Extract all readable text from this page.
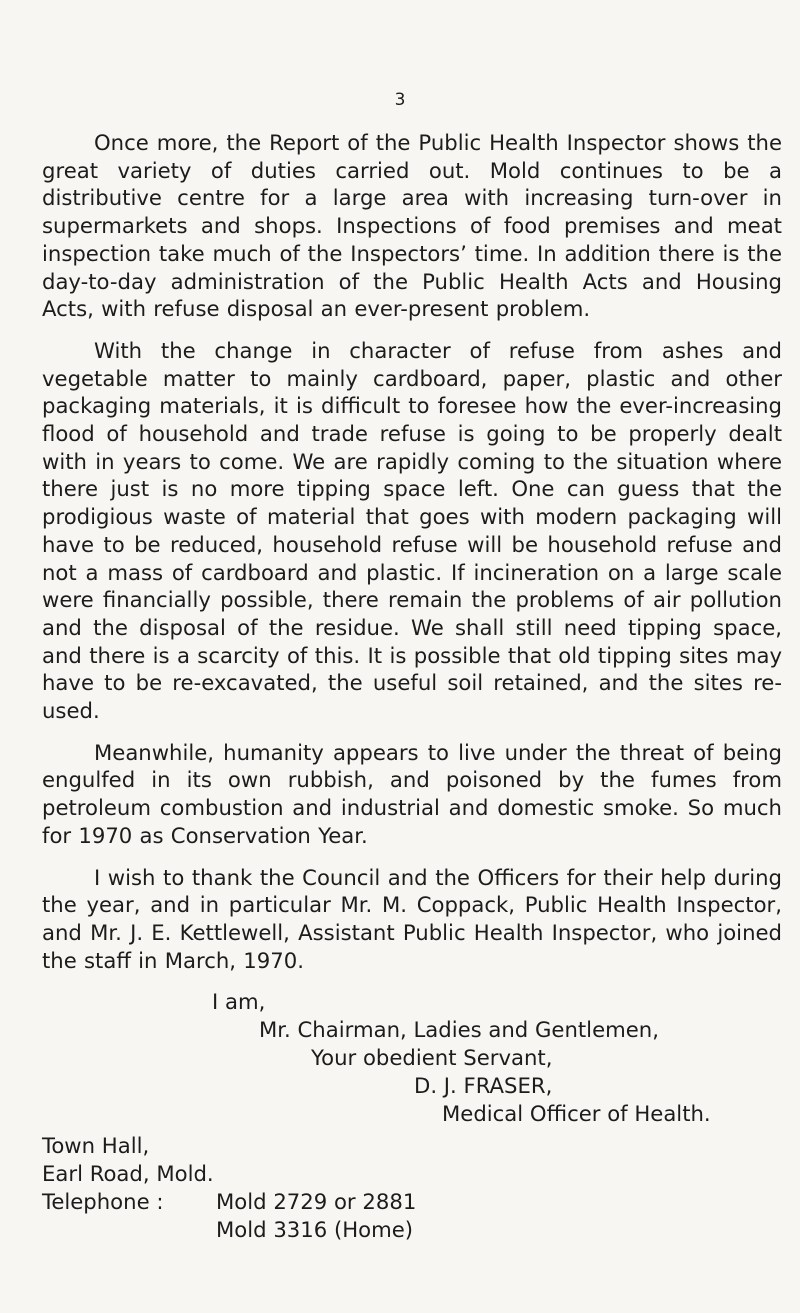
3

Once more, the Report of the Public Health Inspector shows the great variety of duties carried out. Mold continues to be a distributive centre for a large area with increasing turn-over in supermarkets and shops. Inspections of food premises and meat inspection take much of the Inspectors’ time. In addition there is the day-to-day administration of the Public Health Acts and Housing Acts, with refuse disposal an ever-present problem.

With the change in character of refuse from ashes and vegetable matter to mainly cardboard, paper, plastic and other packaging materials, it is difficult to foresee how the ever-increasing flood of household and trade refuse is going to be properly dealt with in years to come. We are rapidly coming to the situation where there just is no more tipping space left. One can guess that the prodigious waste of material that goes with modern packaging will have to be reduced, household refuse will be household refuse and not a mass of cardboard and plastic. If incineration on a large scale were financially possible, there remain the problems of air pollution and the disposal of the residue. We shall still need tipping space, and there is a scarcity of this. It is possible that old tipping sites may have to be re-excavated, the useful soil retained, and the sites re-used.

Meanwhile, humanity appears to live under the threat of being engulfed in its own rubbish, and poisoned by the fumes from petroleum combustion and industrial and domestic smoke. So much for 1970 as Conservation Year.

I wish to thank the Council and the Officers for their help during the year, and in particular Mr. M. Coppack, Public Health Inspector, and Mr. J. E. Kettlewell, Assistant Public Health Inspector, who joined the staff in March, 1970.

I am,
Mr. Chairman, Ladies and Gentlemen,
Your obedient Servant,
D. J. FRASER,
Medical Officer of Health.
Town Hall,
Earl Road, Mold.
Telephone :	Mold 2729 or 2881
Mold 3316 (Home)
